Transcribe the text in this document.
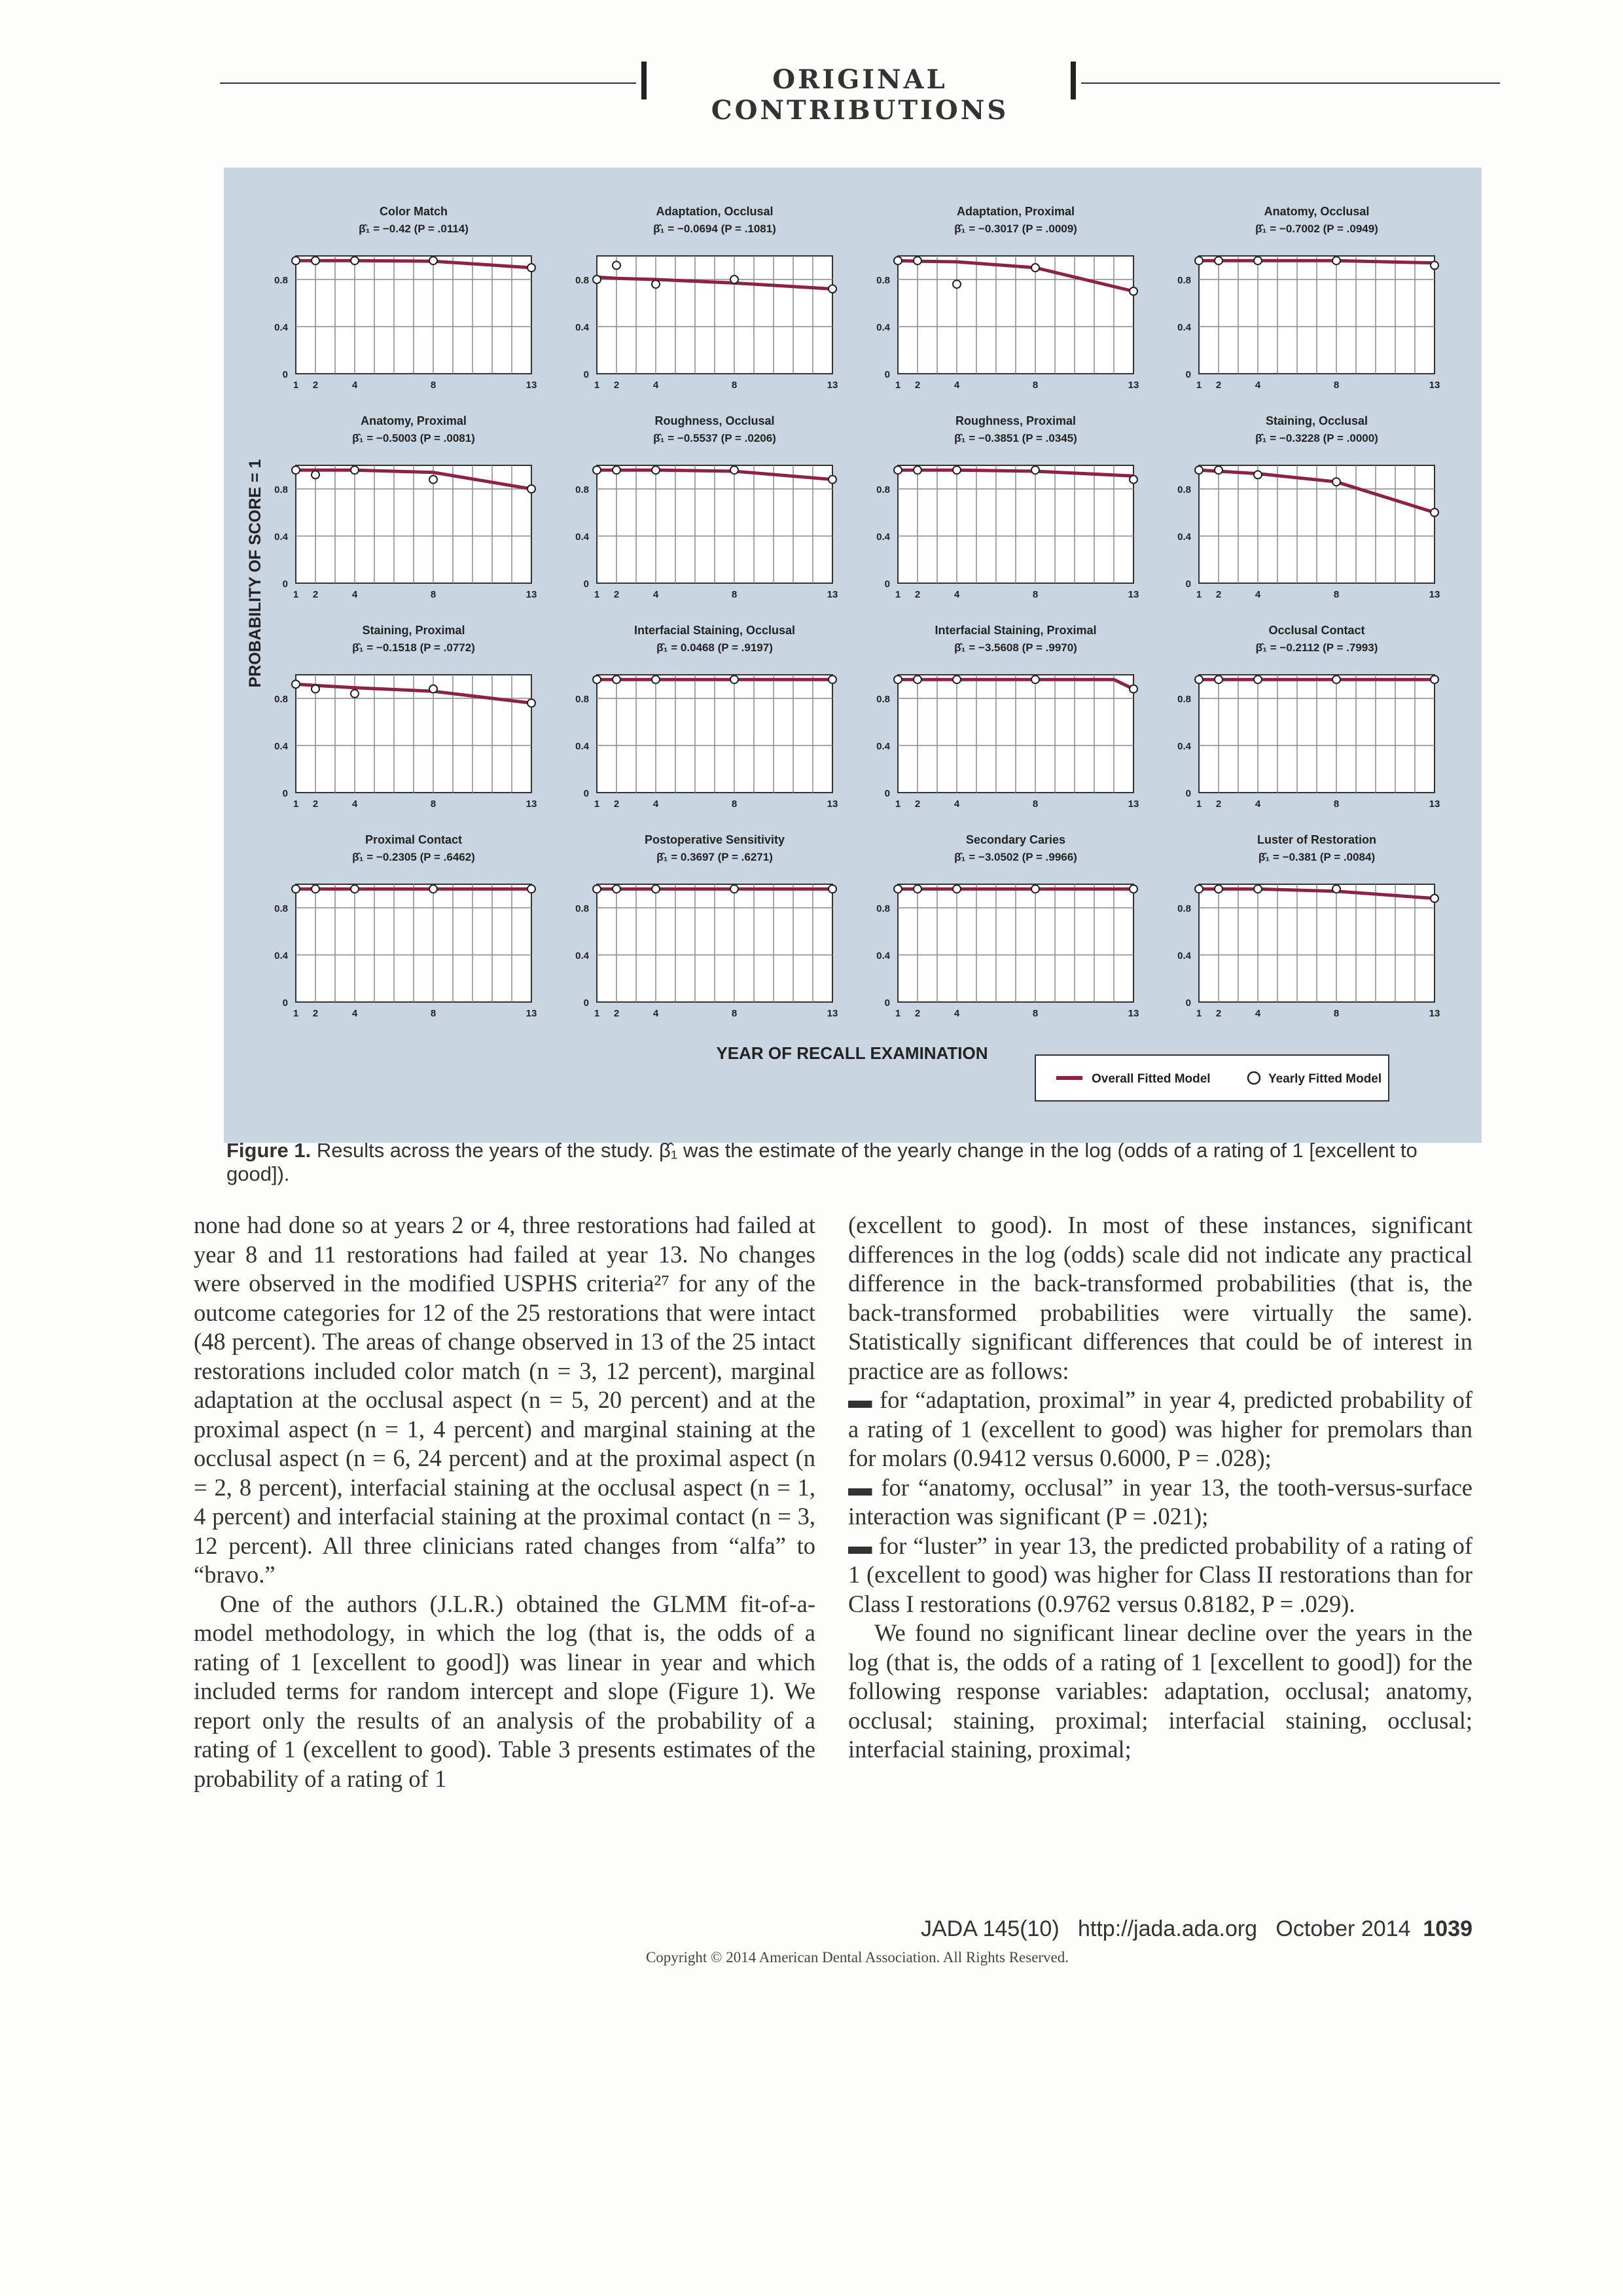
ORIGINAL CONTRIBUTIONS
Color Match
β̂₁ = −0.42 (P = .0114)
0
0.4
0.8
1 2	4	8	13
Adaptation, Occlusal
β̂₁ = −0.0694 (P = .1081)
0
0.4
0.8
1 2	4	8	13
Adaptation, Proximal
β̂₁ = −0.3017 (P = .0009)
0
0.4
0.8
1 2	4	8	13
Anatomy, Occlusal
β̂₁ = −0.7002 (P = .0949)
0
0.4
0.8
1 2	4	8	13
Anatomy, Proximal
β̂₁ = −0.5003 (P = .0081)
0
0.4
0.8
1 2	4	8	13
Roughness, Occlusal
β̂₁ = −0.5537 (P = .0206)
0
0.4
0.8
1 2	4	8	13
Roughness, Proximal
β̂₁ = −0.3851 (P = .0345)
0
0.4
0.8
1 2	4	8	13
Staining, Occlusal
β̂₁ = −0.3228 (P = .0000)
0
0.4
0.8
1 2	4	8	13
Staining, Proximal
β̂₁ = −0.1518 (P = .0772)
0
0.4
0.8
1 2	4	8	13
Interfacial Staining, Occlusal
β̂₁ = 0.0468 (P = .9197)
0
0.4
0.8
1 2	4	8	13
Interfacial Staining, Proximal
β̂₁ = −3.5608 (P = .9970)
0
0.4
0.8
1 2	4	8	13
Occlusal Contact
β̂₁ = −0.2112 (P = .7993)
0
0.4
0.8
1 2	4	8	13
Proximal Contact
β̂₁ = −0.2305 (P = .6462)
0
0.4
0.8
1 2	4	8	13
Postoperative Sensitivity
β̂₁ = 0.3697 (P = .6271)
0
0.4
0.8
1 2	4	8	13
Secondary Caries
β̂₁ = −3.0502 (P = .9966)
0
0.4
0.8
1 2	4	8	13
Luster of Restoration
β̂₁ = −0.381 (P = .0084)
0
0.4
0.8
1 2	4	8	13
PROBABILITY OF SCORE = 1
YEAR OF RECALL EXAMINATION
Overall Fitted Model	Yearly Fitted Model
Figure 1. Results across the years of the study. β̂₁ was the estimate of the yearly change in the log (odds of a rating of 1 [excellent to good]).

none had done so at years 2 or 4, three restorations had failed at year 8 and 11 restorations had failed at year 13. No changes were observed in the modified USPHS criteria²⁷ for any of the outcome categories for 12 of the 25 restorations that were intact (48 percent). The areas of change observed in 13 of the 25 intact restorations included color match (n = 3, 12 percent), marginal adaptation at the occlusal aspect (n = 5, 20 percent) and at the proximal aspect (n = 1, 4 percent) and marginal staining at the occlusal aspect (n = 6, 24 percent) and at the proximal aspect (n = 2, 8 percent), interfacial staining at the occlusal aspect (n = 1, 4 percent) and interfacial staining at the proximal contact (n = 3, 12 percent). All three clinicians rated changes from “alfa” to “bravo.”

One of the authors (J.L.R.) obtained the GLMM fit-of-a-model methodology, in which the log (that is, the odds of a rating of 1 [excellent to good]) was linear in year and which included terms for random intercept and slope (Figure 1). We report only the results of an analysis of the probability of a rating of 1 (excellent to good). Table 3 presents estimates of the probability of a rating of 1

(excellent to good). In most of these instances, significant differences in the log (odds) scale did not indicate any practical difference in the back-transformed probabilities (that is, the back-transformed probabilities were virtually the same). Statistically significant differences that could be of interest in practice are as follows:

▬ for “adaptation, proximal” in year 4, predicted probability of a rating of 1 (excellent to good) was higher for premolars than for molars (0.9412 versus 0.6000, P = .028);

▬ for “anatomy, occlusal” in year 13, the tooth-versus-surface interaction was significant (P = .021);

▬ for “luster” in year 13, the predicted probability of a rating of 1 (excellent to good) was higher for Class II restorations than for Class I restorations (0.9762 versus 0.8182, P = .029).

We found no significant linear decline over the years in the log (that is, the odds of a rating of 1 [excellent to good]) for the following response variables: adaptation, occlusal; anatomy, occlusal; staining, proximal; interfacial staining, occlusal; interfacial staining, proximal;

JADA 145(10)   http://jada.ada.org   October 2014 1039
Copyright © 2014 American Dental Association. All Rights Reserved.
